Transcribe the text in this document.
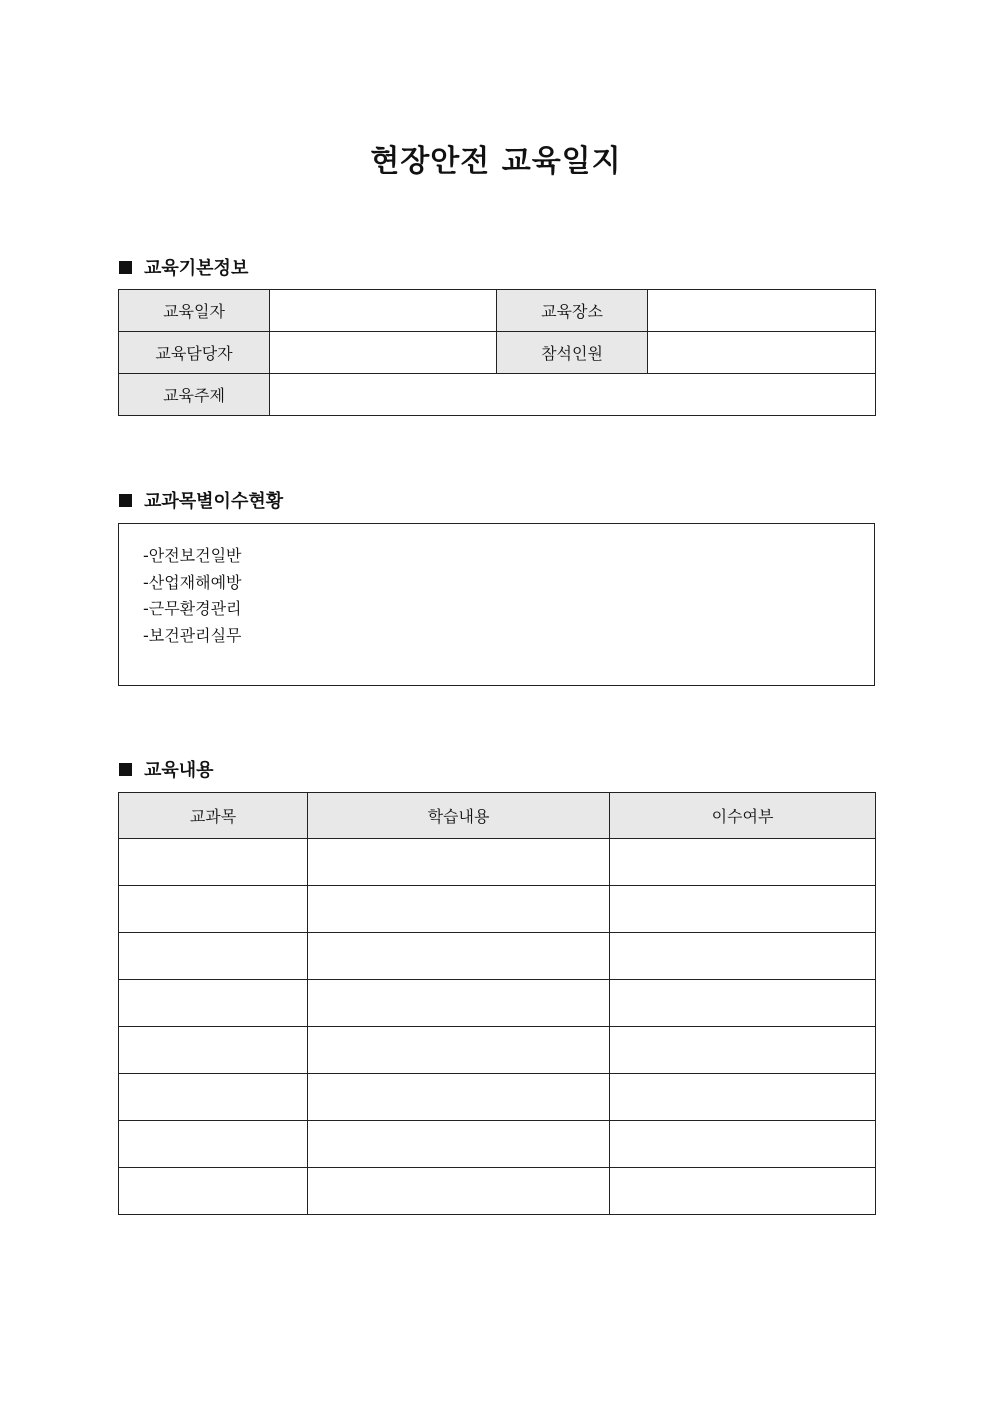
현장안전 교육일지
교육기본정보
교육일자		교육장소	
교육담당자		참석인원	
교육주제			
교과목별이수현황
-안전보건일반
-산업재해예방
-근무환경관리
-보건관리실무
교육내용
교과목	학습내용	이수여부
